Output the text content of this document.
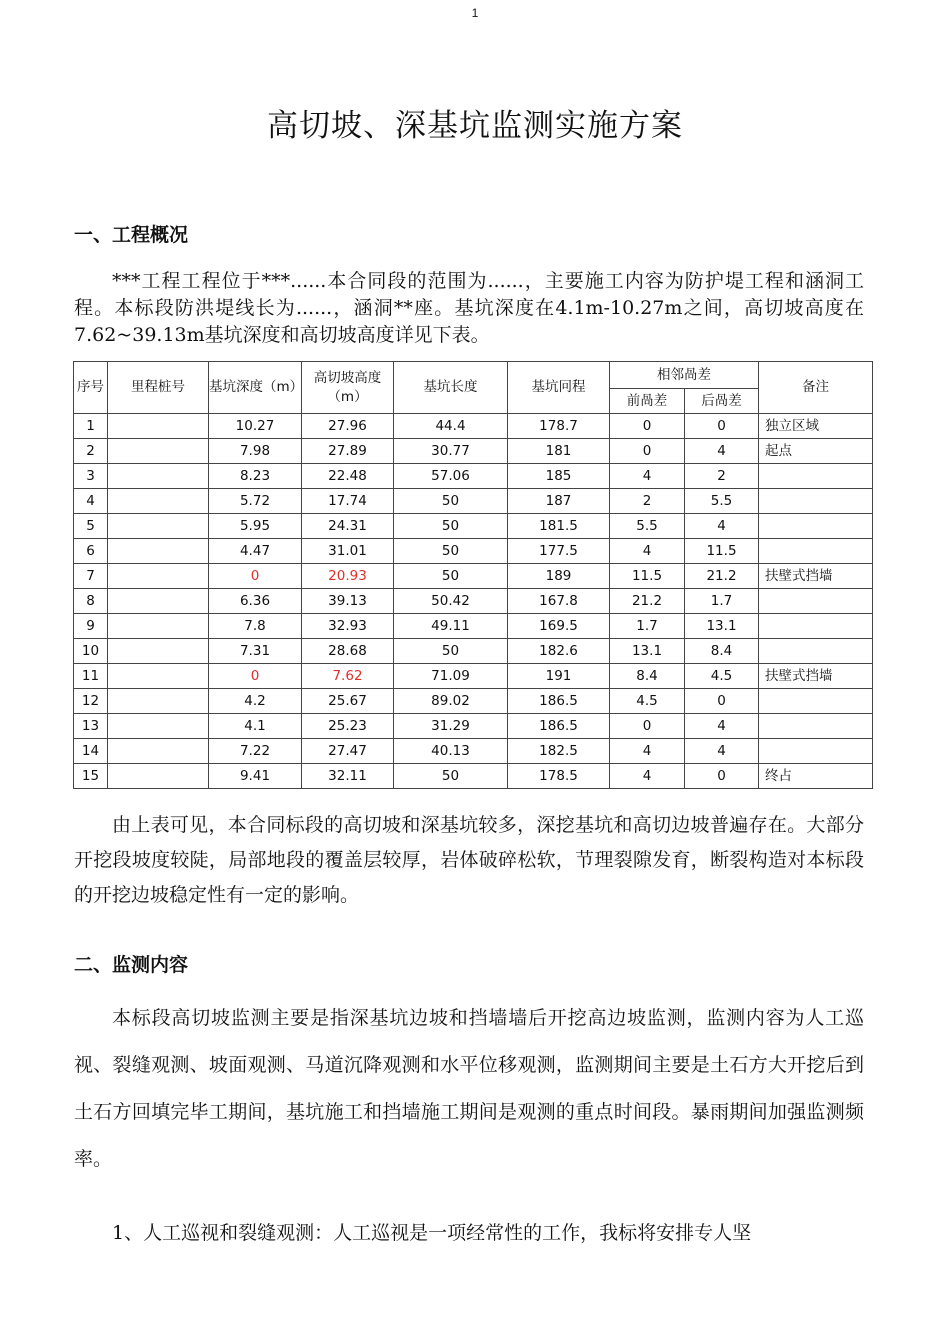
1
高切坡、深基坑监测实施方案
一、工程概况

***工程工程位于***......本合同段的范围为......，主要施工内容为防护堤工程和涵洞工程。本标段防洪堤线长为......，涵洞**座。基坑深度在4.1m-10.27m之间，高切坡高度在7.62~39.13m基坑深度和高切坡高度详见下表。

序号	里程桩号	基坑深度（m）	高切坡高度（m）	基坑长度	基坑冋程	相邻咼差		备注
						前咼差	后咼差	
1		10.27	27.96	44.4	178.7	0	0	独立区域
2		7.98	27.89	30.77	181	0	4	起点
3		8.23	22.48	57.06	185	4	2	
4		5.72	17.74	50	187	2	5.5	
5		5.95	24.31	50	181.5	5.5	4	
6		4.47	31.01	50	177.5	4	11.5	
7		0	20.93	50	189	11.5	21.2	扶壁式挡墙
8		6.36	39.13	50.42	167.8	21.2	1.7	
9		7.8	32.93	49.11	169.5	1.7	13.1	
10		7.31	28.68	50	182.6	13.1	8.4	
11		0	7.62	71.09	191	8.4	4.5	扶壁式挡墙
12		4.2	25.67	89.02	186.5	4.5	0	
13		4.1	25.23	31.29	186.5	0	4	
14		7.22	27.47	40.13	182.5	4	4	
15		9.41	32.11	50	178.5	4	0	终占

由上表可见，本合同标段的高切坡和深基坑较多，深挖基坑和高切边坡普遍存在。大部分开挖段坡度较陡，局部地段的覆盖层较厚，岩体破碎松软，节理裂隙发育，断裂构造对本标段的开挖边坡稳定性有一定的影响。

二、监测内容

本标段高切坡监测主要是指深基坑边坡和挡墙墙后开挖高边坡监测，监测内容为人工巡视、裂缝观测、坡面观测、马道沉降观测和水平位移观测，监测期间主要是土石方大开挖后到土石方回填完毕工期间，基坑施工和挡墙施工期间是观测的重点时间段。暴雨期间加强监测频率。

1、人工巡视和裂缝观测：人工巡视是一项经常性的工作，我标将安排专人坚
